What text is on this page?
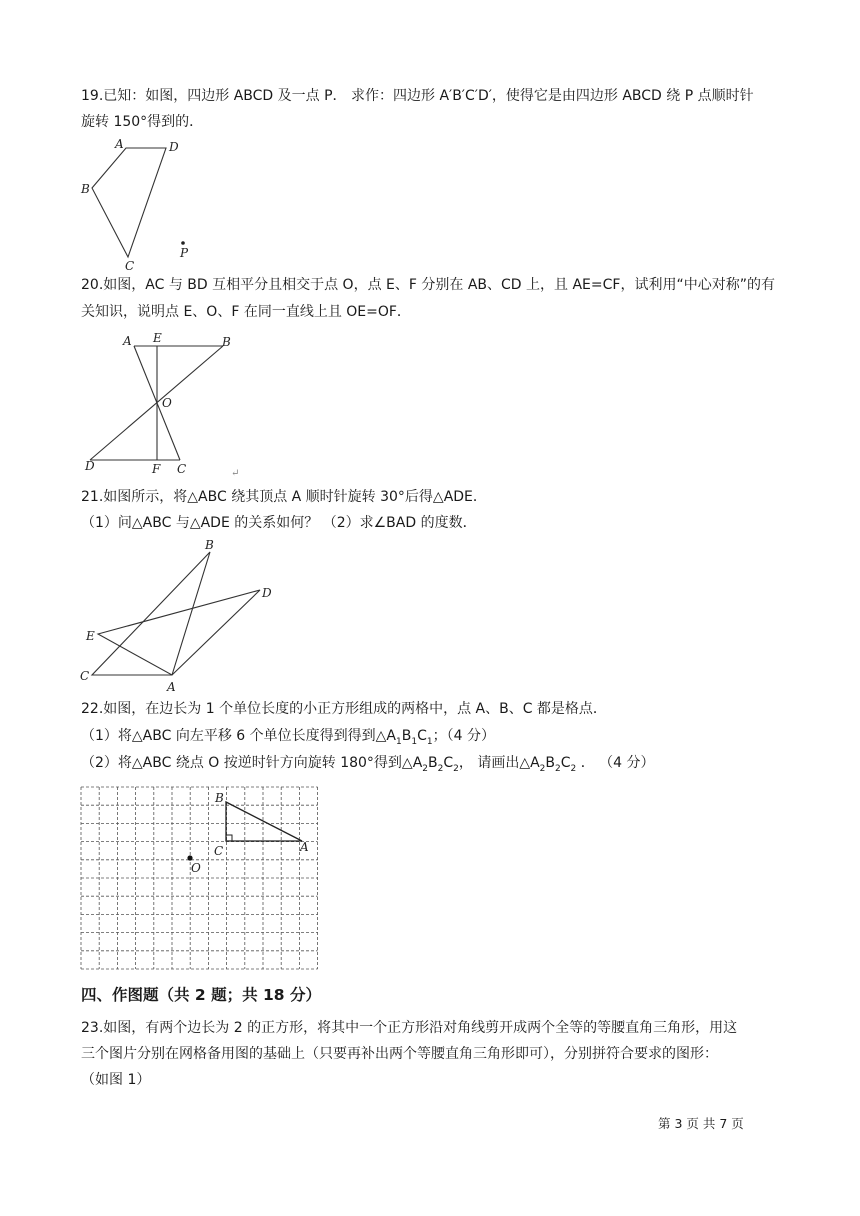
19.已知：如图，四边形 ABCD 及一点 P． 求作：四边形 A′B′C′D′，使得它是由四边形 ABCD 绕 P 点顺时针
旋转 150°得到的．
A	D
B
C
P
20.如图，AC 与 BD 互相平分且相交于点 O，点 E、F 分别在 AB、CD 上，且 AE=CF，试利用“中心对称”的有
关知识，说明点 E、O、F 在同一直线上且 OE=OF．
A E	B
O
D	F C	↵
21.如图所示，将△ABC 绕其顶点 A 顺时针旋转 30°后得△ADE．
（1）问△ABC 与△ADE 的关系如何？ （2）求∠BAD 的度数．
B
D
E
C
A
22.如图，在边长为 1 个单位长度的小正方形组成的两格中，点 A、B、C 都是格点．
（1）将△ABC 向左平移 6 个单位长度得到得到$\triangle A_1B_1C_1$；（4 分）
（2）将△ABC 绕点 O 按逆时针方向旋转 180°得到$\triangle A_2B_2C_2$， 请画出$\triangle A_2B_2C_2$ ． （4 分）
B
C	A
O
四、作图题（共 2 题；共 18 分）
23.如图，有两个边长为 2 的正方形，将其中一个正方形沿对角线剪开成两个全等的等腰直角三角形，用这
三个图片分别在网格备用图的基础上（只要再补出两个等腰直角三角形即可），分别拼符合要求的图形：
（如图 1）
第 3 页 共 7 页
